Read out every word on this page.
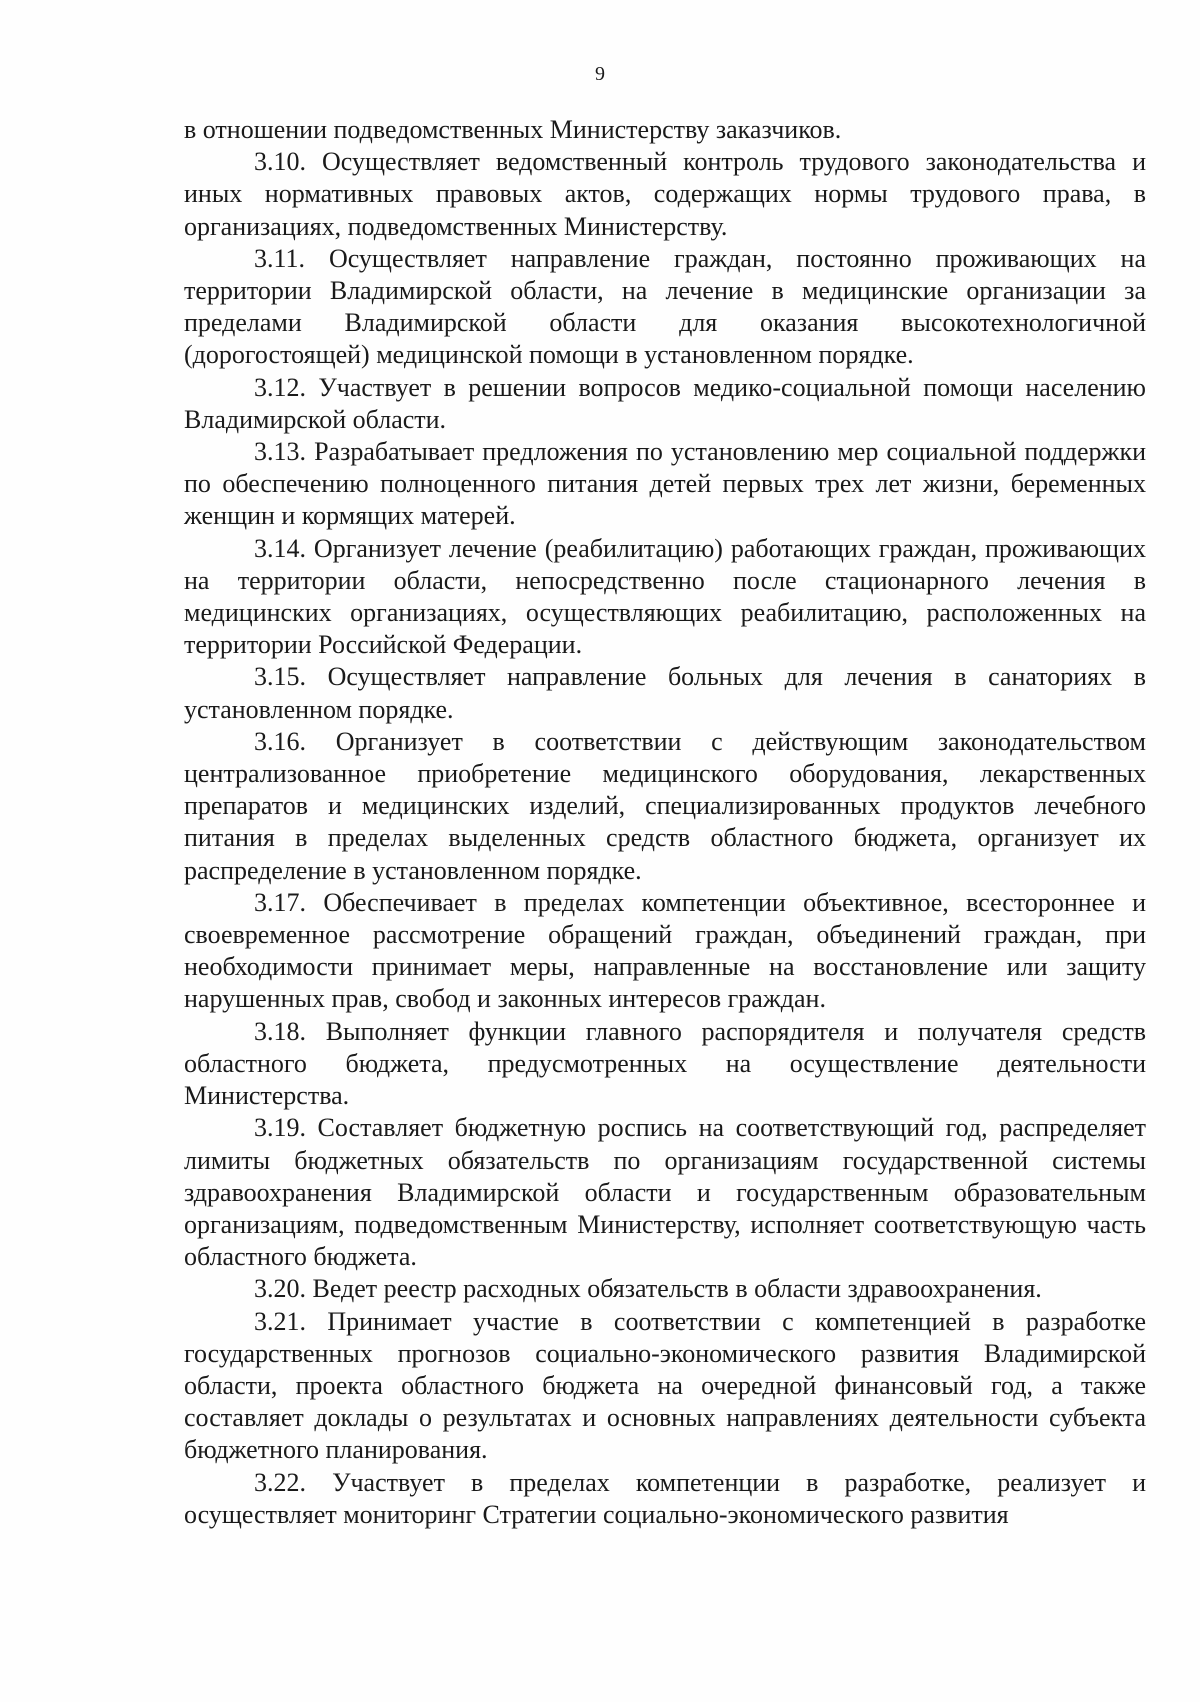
9

в отношении подведомственных Министерству заказчиков.

3.10. Осуществляет ведомственный контроль трудового законодательства и иных нормативных правовых актов, содержащих нормы трудового права, в организациях, подведомственных Министерству.

3.11. Осуществляет направление граждан, постоянно проживающих на территории Владимирской области, на лечение в медицинские организации за пределами Владимирской области для оказания высокотехнологичной (дорогостоящей) медицинской помощи в установленном порядке.

3.12. Участвует в решении вопросов медико-социальной помощи населению Владимирской области.

3.13. Разрабатывает предложения по установлению мер социальной поддержки по обеспечению полноценного питания детей первых трех лет жизни, беременных женщин и кормящих матерей.

3.14. Организует лечение (реабилитацию) работающих граждан, проживающих на территории области, непосредственно после стационарного лечения в медицинских организациях, осуществляющих реабилитацию, расположенных на территории Российской Федерации.

3.15. Осуществляет направление больных для лечения в санаториях в установленном порядке.

3.16. Организует в соответствии с действующим законодательством централизованное приобретение медицинского оборудования, лекарственных препаратов и медицинских изделий, специализированных продуктов лечебного питания в пределах выделенных средств областного бюджета, организует их распределение в установленном порядке.

3.17. Обеспечивает в пределах компетенции объективное, всестороннее и своевременное рассмотрение обращений граждан, объединений граждан, при необходимости принимает меры, направленные на восстановление или защиту нарушенных прав, свобод и законных интересов граждан.

3.18. Выполняет функции главного распорядителя и получателя средств областного бюджета, предусмотренных на осуществление деятельности Министерства.

3.19. Составляет бюджетную роспись на соответствующий год, распределяет лимиты бюджетных обязательств по организациям государственной системы здравоохранения Владимирской области и государственным образовательным организациям, подведомственным Министерству, исполняет соответствующую часть областного бюджета.

3.20. Ведет реестр расходных обязательств в области здравоохранения.

3.21. Принимает участие в соответствии с компетенцией в разработке государственных прогнозов социально-экономического развития Владимирской области, проекта областного бюджета на очередной финансовый год, а также составляет доклады о результатах и основных направлениях деятельности субъекта бюджетного планирования.

3.22. Участвует в пределах компетенции в разработке, реализует и осуществляет мониторинг Стратегии социально-экономического развития
